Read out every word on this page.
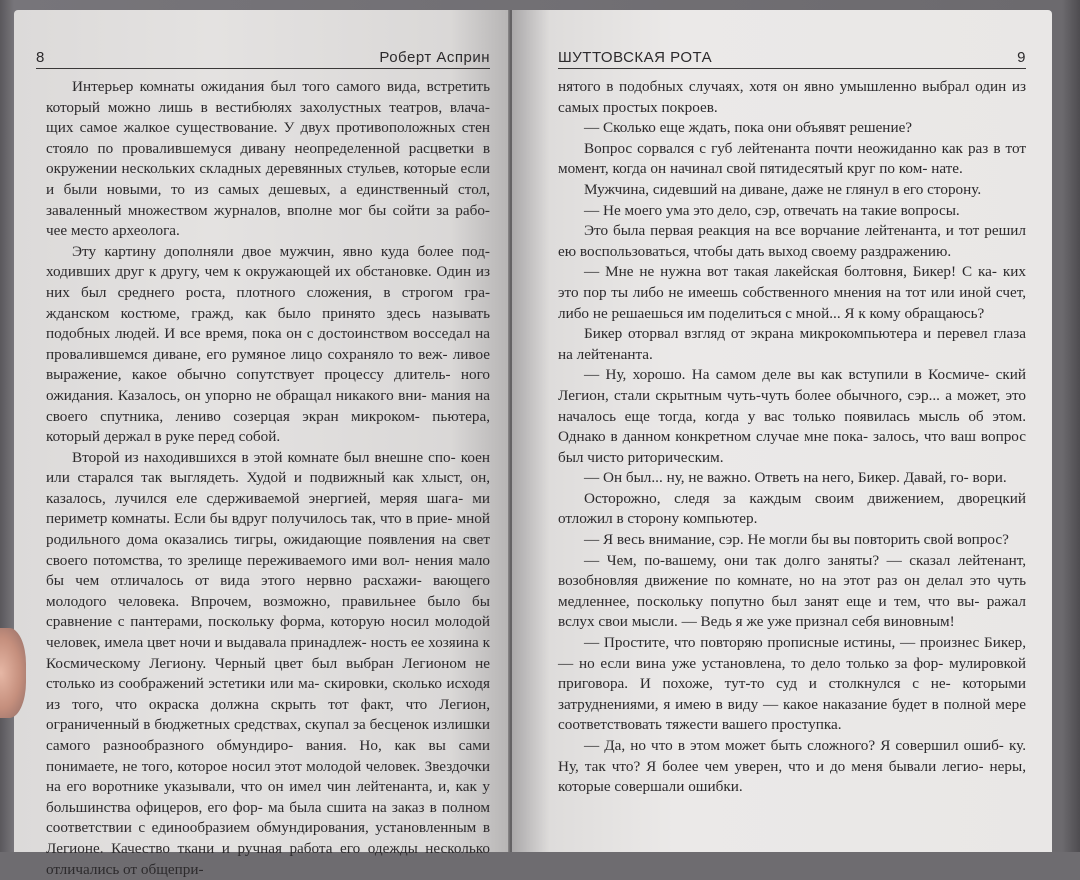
8	Роберт Асприн

Интерьер комнаты ожидания был того самого вида, встретить который можно лишь в вестибюлях захолустных театров, влача- щих самое жалкое существование. У двух противоположных стен стояло по провалившемуся дивану неопределенной расцветки в окружении нескольких складных деревянных стульев, которые если и были новыми, то из самых дешевых, а единственный стол, заваленный множеством журналов, вполне мог бы сойти за рабо- чее место археолога.

Эту картину дополняли двое мужчин, явно куда более под- ходивших друг к другу, чем к окружающей их обстановке. Один из них был среднего роста, плотного сложения, в строгом гра- жданском костюме, гражд, как было принято здесь называть подобных людей. И все время, пока он с достоинством восседал на провалившемся диване, его румяное лицо сохраняло то веж- ливое выражение, какое обычно сопутствует процессу длитель- ного ожидания. Казалось, он упорно не обращал никакого вни- мания на своего спутника, лениво созерцая экран микроком- пьютера, который держал в руке перед собой.

Второй из находившихся в этой комнате был внешне спо- коен или старался так выглядеть. Худой и подвижный как хлыст, он, казалось, лучился еле сдерживаемой энергией, меряя шага- ми периметр комнаты. Если бы вдруг получилось так, что в прие- мной родильного дома оказались тигры, ожидающие появления на свет своего потомства, то зрелище переживаемого ими вол- нения мало бы чем отличалось от вида этого нервно расхажи- вающего молодого человека. Впрочем, возможно, правильнее было бы сравнение с пантерами, поскольку форма, которую носил молодой человек, имела цвет ночи и выдавала принадлеж- ность ее хозяина к Космическому Легиону. Черный цвет был выбран Легионом не столько из соображений эстетики или ма- скировки, сколько исходя из того, что окраска должна скрыть тот факт, что Легион, ограниченный в бюджетных средствах, скупал за бесценок излишки самого разнообразного обмундиро- вания. Но, как вы сами понимаете, не того, которое носил этот молодой человек. Звездочки на его воротнике указывали, что он имел чин лейтенанта, и, как у большинства офицеров, его фор- ма была сшита на заказ в полном соответствии с единообразием обмундирования, установленным в Легионе. Качество ткани и ручная работа его одежды несколько отличались от общепри-

ШУТТОВСКАЯ РОТА	9

нятого в подобных случаях, хотя он явно умышленно выбрал один из самых простых покроев.

— Сколько еще ждать, пока они объявят решение?

Вопрос сорвался с губ лейтенанта почти неожиданно как раз в тот момент, когда он начинал свой пятидесятый круг по ком- нате.

Мужчина, сидевший на диване, даже не глянул в его сторону.

— Не моего ума это дело, сэр, отвечать на такие вопросы.

Это была первая реакция на все ворчание лейтенанта, и тот решил ею воспользоваться, чтобы дать выход своему раздражению.

— Мне не нужна вот такая лакейская болтовня, Бикер! С ка- ких это пор ты либо не имеешь собственного мнения на тот или иной счет, либо не решаешься им поделиться с мной... Я к кому обращаюсь?

Бикер оторвал взгляд от экрана микрокомпьютера и перевел глаза на лейтенанта.

— Ну, хорошо. На самом деле вы как вступили в Космиче- ский Легион, стали скрытным чуть-чуть более обычного, сэр... а может, это началось еще тогда, когда у вас только появилась мысль об этом. Однако в данном конкретном случае мне пока- залось, что ваш вопрос был чисто риторическим.

— Он был... ну, не важно. Ответь на него, Бикер. Давай, го- вори.

Осторожно, следя за каждым своим движением, дворецкий отложил в сторону компьютер.

— Я весь внимание, сэр. Не могли бы вы повторить свой вопрос?

— Чем, по-вашему, они так долго заняты? — сказал лейтенант, возобновляя движение по комнате, но на этот раз он делал это чуть медленнее, поскольку попутно был занят еще и тем, что вы- ражал вслух свои мысли. — Ведь я же уже признал себя виновным!

— Простите, что повторяю прописные истины, — произнес Бикер, — но если вина уже установлена, то дело только за фор- мулировкой приговора. И похоже, тут-то суд и столкнулся с не- которыми затруднениями, я имею в виду — какое наказание будет в полной мере соответствовать тяжести вашего проступка.

— Да, но что в этом может быть сложного? Я совершил ошиб- ку. Ну, так что? Я более чем уверен, что и до меня бывали легио- неры, которые совершали ошибки.
